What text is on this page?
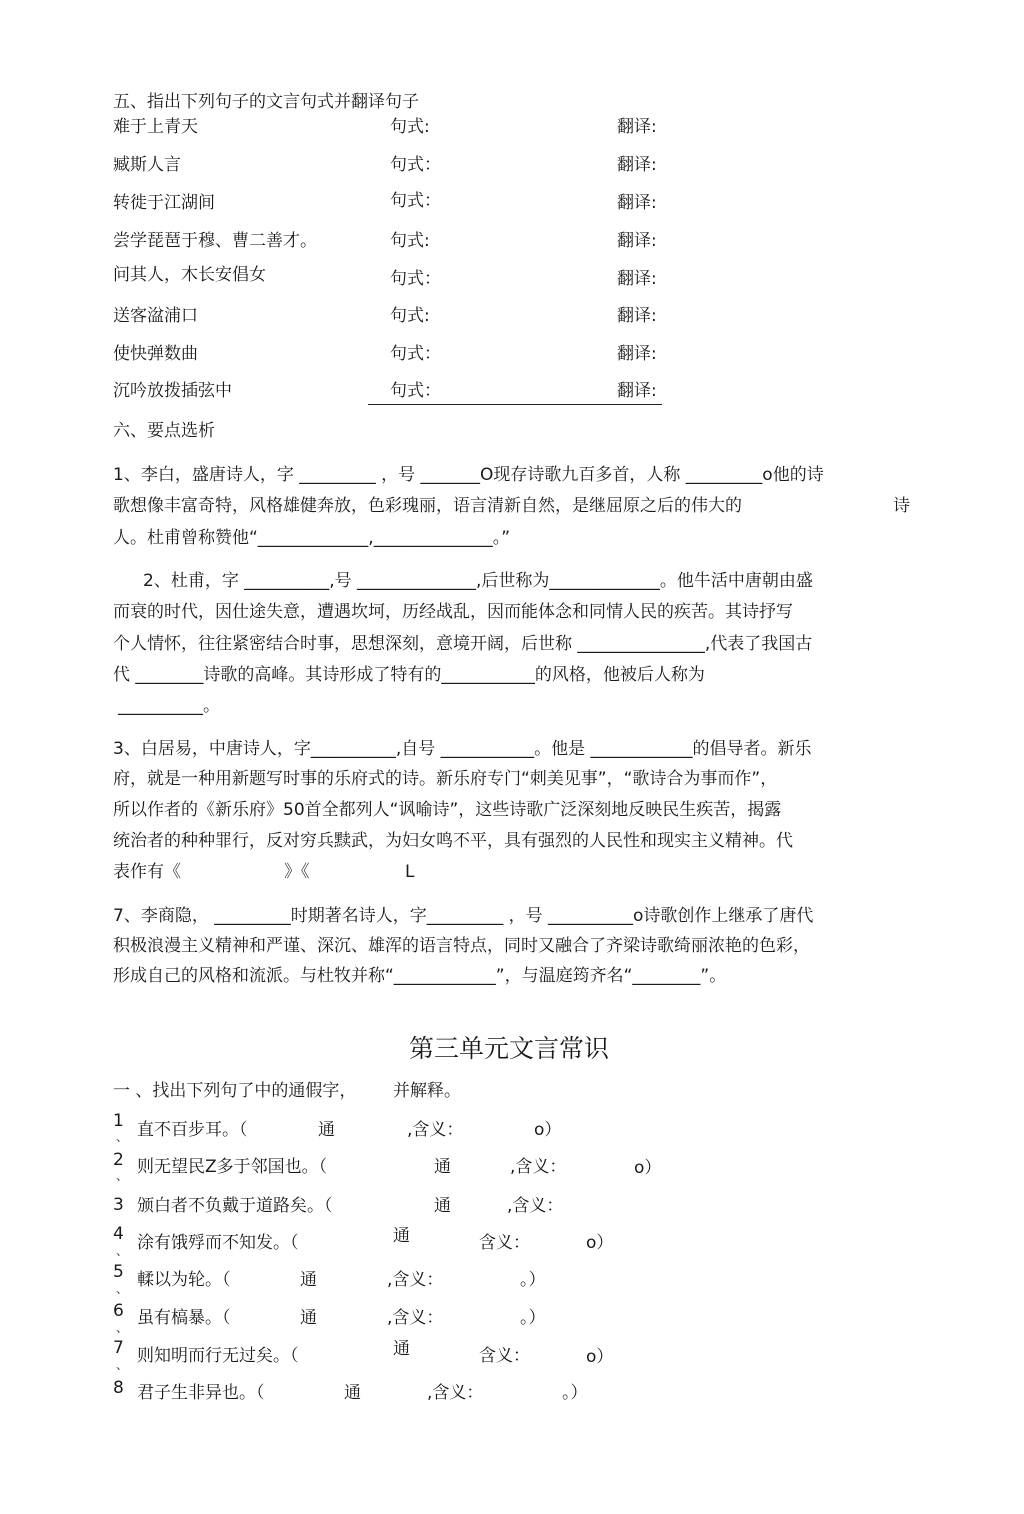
五、指出下列句子的文言句式并翻译句子
难于上青天	句式:	翻译:
臧斯人言	句式：	翻译:
转徙于江湖间	句式：	翻译:
尝学琵琶于穆、曹二善才。	句式:	翻译:
问其人，木长安倡女	句式：	翻译:
送客湓浦口	句式:	翻译:
使快弹数曲	句式：	翻译:
沉吟放拨插弦中	句式：	翻译:
六、要点选析
1、李白，盛唐诗人，字 _________ ，号 _______O现存诗歌九百多首，人称 _________o他的诗
歌想像丰富奇特，风格雄健奔放，色彩瑰丽，语言清新自然，是继屈原之后的伟大的	诗
人。杜甫曾称赞他“_____________,______________。”
2、杜甫，字 __________,号 ______________,后世称为_____________。他牛活中唐朝由盛
而衰的时代，因仕途失意，遭遇坎坷，历经战乱，因而能体念和同情人民的疾苦。其诗抒写
个人情怀，往往紧密结合时事，思想深刻，意境开阔，后世称 _______________,代表了我国古
代 ________诗歌的高峰。其诗形成了特有的___________的风格，他被后人称为
__________。
3、白居易，中唐诗人，字__________,自号 ___________。他是 ____________的倡导者。新乐
府，就是一种用新题写时事的乐府式的诗。新乐府专门“刺美见事”，“歌诗合为事而作”，
所以作者的《新乐府》50首全都列人“讽喻诗”，这些诗歌广泛深刻地反映民生疾苦，揭露
统治者的种种罪行，反对穷兵黩武，为妇女鸣不平，具有强烈的人民性和现实主义精神。代
表作有《	》《	L
7、李商隐， _________时期著名诗人，字_________ ，号 __________o诗歌创作上继承了唐代
积极浪漫主义精神和严谨、深沉、雄浑的语言特点，同时又融合了齐梁诗歌绮丽浓艳的色彩，
形成自己的风格和流派。与杜牧并称“____________”，与温庭筠齐名“________”。
第三单元文言常识
一 、找出下列句了中的通假字， 并解释。
1
、 直不百步耳。（	通	,含义：	o）
2
、 则无望民Z多于邻国也。（	通	,含义：	o）
3 颁白者不负戴于道路矣。（	通	,含义：
4
、 涂有饿殍而不知发。（	通	含义：	o）
5
、 輮以为轮。（	通	,含义：	。）
6
、 虽有槁暴。（	通	,含义：	。）
7
、 则知明而行无过矣。（	通	含义：	o）
8 君子生非异也。（	通	,含义：	。）
